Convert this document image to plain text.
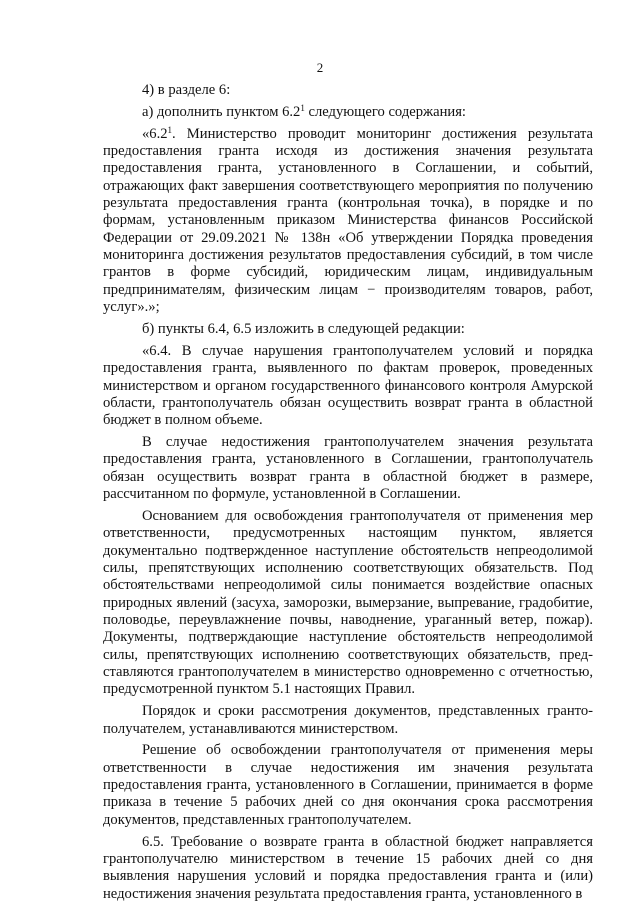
2

4) в разделе 6:

а) дополнить пунктом $6.2^1$ следующего содержания:

«$6.2^1$. Министерство проводит мониторинг достижения результата предоставления гранта исходя из достижения значения результата предоставления гранта, установленного в Соглашении, и событий, отражающих факт завершения соответствующего мероприятия по получению результата предоставления гранта (контрольная точка), в порядке и по формам, установленным приказом Министерства финансов Российской Федерации от 29.09.2021 № 138н «Об утверждении Порядка проведения мониторинга достижения результатов предоставления субсидий, в том числе грантов в форме субсидий, юридическим лицам, индивидуальным предпринимателям, физическим лицам − производителям товаров, работ, услуг».»;

б) пункты 6.4, 6.5 изложить в следующей редакции:

«6.4. В случае нарушения грантополучателем условий и порядка предоставления гранта, выявленного по фактам проверок, проведенных министерством и органом государственного финансового контроля Амурской области, грантополучатель обязан осуществить возврат гранта в областной бюджет в полном объеме.

В случае недостижения грантополучателем значения результата предоставления гранта, установленного в Соглашении, грантополучатель обязан осуществить возврат гранта в областной бюджет в размере, рассчитанном по формуле, установленной в Соглашении.

Основанием для освобождения грантополучателя от применения мер ответственности, предусмотренных настоящим пунктом, является документально подтвержденное наступление обстоятельств непреодолимой силы, препятствующих исполнению соответствующих обязательств. Под обстоятельствами непреодолимой силы понимается воздействие опасных природных явлений (засуха, заморозки, вымерзание, выпревание, градобитие, половодье, переувлажнение почвы, наводнение, ураганный ветер, пожар). Документы, подтверждающие наступление обстоятельств непреодолимой силы, препятствующих исполнению соответствующих обязательств, пред-ставляются грантополучателем в министерство одновременно с отчетностью, предусмотренной пунктом 5.1 настоящих Правил.

Порядок и сроки рассмотрения документов, представленных гранто-получателем, устанавливаются министерством.

Решение об освобождении грантополучателя от применения меры ответственности в случае недостижения им значения результата предоставления гранта, установленного в Соглашении, принимается в форме приказа в течение 5 рабочих дней со дня окончания срока рассмотрения документов, представленных грантополучателем.

6.5. Требование о возврате гранта в областной бюджет направляется грантополучателю министерством в течение 15 рабочих дней со дня выявления нарушения условий и порядка предоставления гранта и (или) недостижения значения результата предоставления гранта, установленного в
